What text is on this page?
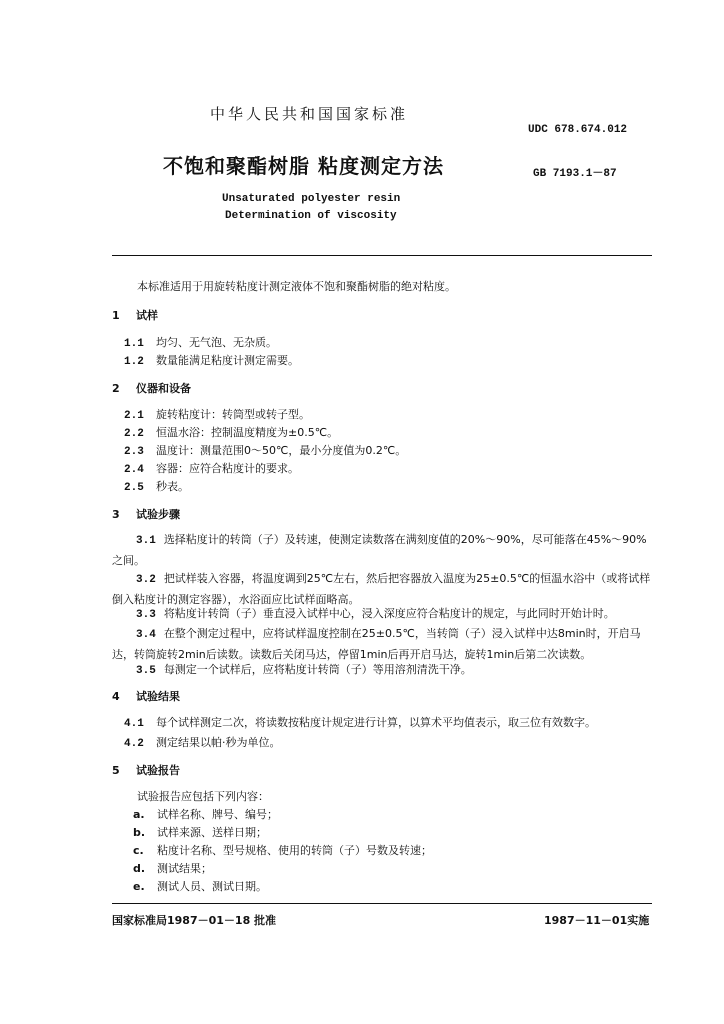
中华人民共和国国家标准
UDC 678.674.012
不饱和聚酯树脂 粘度测定方法	GB 7193.1－87
Unsaturated polyester resin
Determination of viscosity
本标准适用于用旋转粘度计测定液体不饱和聚酯树脂的绝对粘度。
1 试样
1.1 均匀、无气泡、无杂质。
1.2 数量能满足粘度计测定需要。
2 仪器和设备
2.1 旋转粘度计：转筒型或转子型。
2.2 恒温水浴：控制温度精度为±0.5℃。
2.3 温度计：测量范围0～50℃，最小分度值为0.2℃。
2.4 容器：应符合粘度计的要求。
2.5 秒表。
3 试验步骤
3.1 选择粘度计的转筒（子）及转速，使测定读数落在满刻度值的20%～90%，尽可能落在45%～90%之间。
3.2 把试样装入容器，将温度调到25℃左右，然后把容器放入温度为25±0.5℃的恒温水浴中（或将试样倒入粘度计的测定容器），水浴面应比试样面略高。
3.3 将粘度计转筒（子）垂直浸入试样中心，浸入深度应符合粘度计的规定，与此同时开始计时。
3.4 在整个测定过程中，应将试样温度控制在25±0.5℃，当转筒（子）浸入试样中达8min时，开启马达，转筒旋转2min后读数。读数后关闭马达，停留1min后再开启马达，旋转1min后第二次读数。
3.5 每测定一个试样后，应将粘度计转筒（子）等用溶剂清洗干净。
4 试验结果
4.1 每个试样测定二次，将读数按粘度计规定进行计算，以算术平均值表示，取三位有效数字。
4.2 测定结果以帕·秒为单位。
5 试验报告
试验报告应包括下列内容：
a. 试样名称、牌号、编号；
b. 试样来源、送样日期；
c. 粘度计名称、型号规格、使用的转筒（子）号数及转速；
d. 测试结果；
e. 测试人员、测试日期。
国家标准局1987－01－18 批准	1987－11－01实施
